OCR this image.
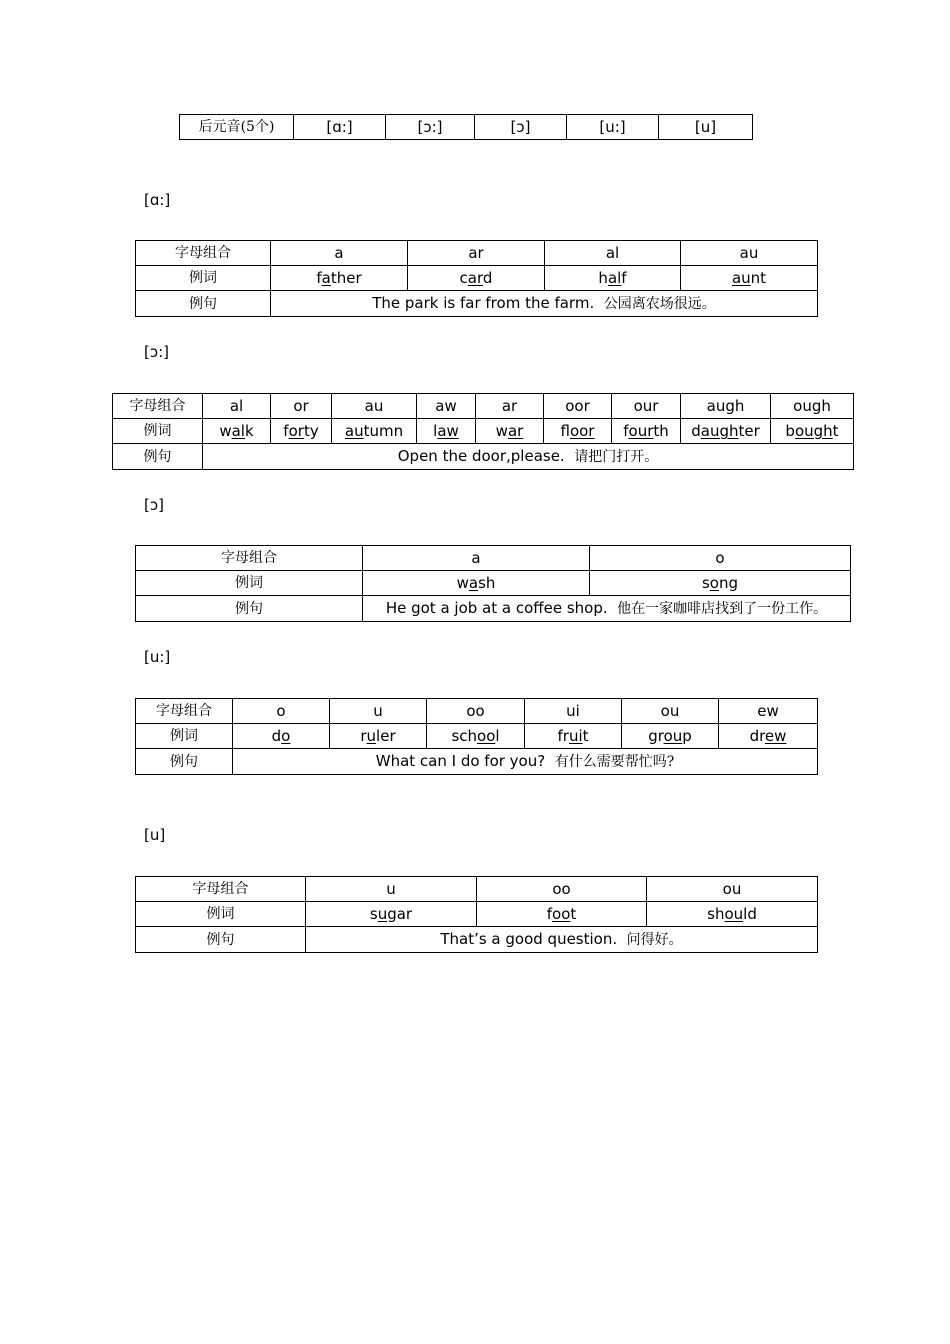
后元音(5个)	[ɑ:]	[ɔ:]	[ɔ]	[u:]	[u]
[ɑ:]
字母组合	a	ar	al	au
例词	father	card	half	aunt
例句	The park is far from the farm. 公园离农场很远。			
[ɔ:]
字母组合	al	or	au	aw	ar	oor	our	augh	ough
例词	walk	forty	autumn	law	war	floor	fourth	daughter	bought
例句	Open the door,please. 请把门打开。								
[ɔ]
字母组合	a	o
例词	wash	song
例句	He got a job at a coffee shop. 他在一家咖啡店找到了一份工作。	
[u:]
字母组合	o	u	oo	ui	ou	ew
例词	do	ruler	school	fruit	group	drew
例句	What can I do for you? 有什么需要帮忙吗?					
[u]
字母组合	u	oo	ou
例词	sugar	foot	should
例句	That’s a good question. 问得好。		
